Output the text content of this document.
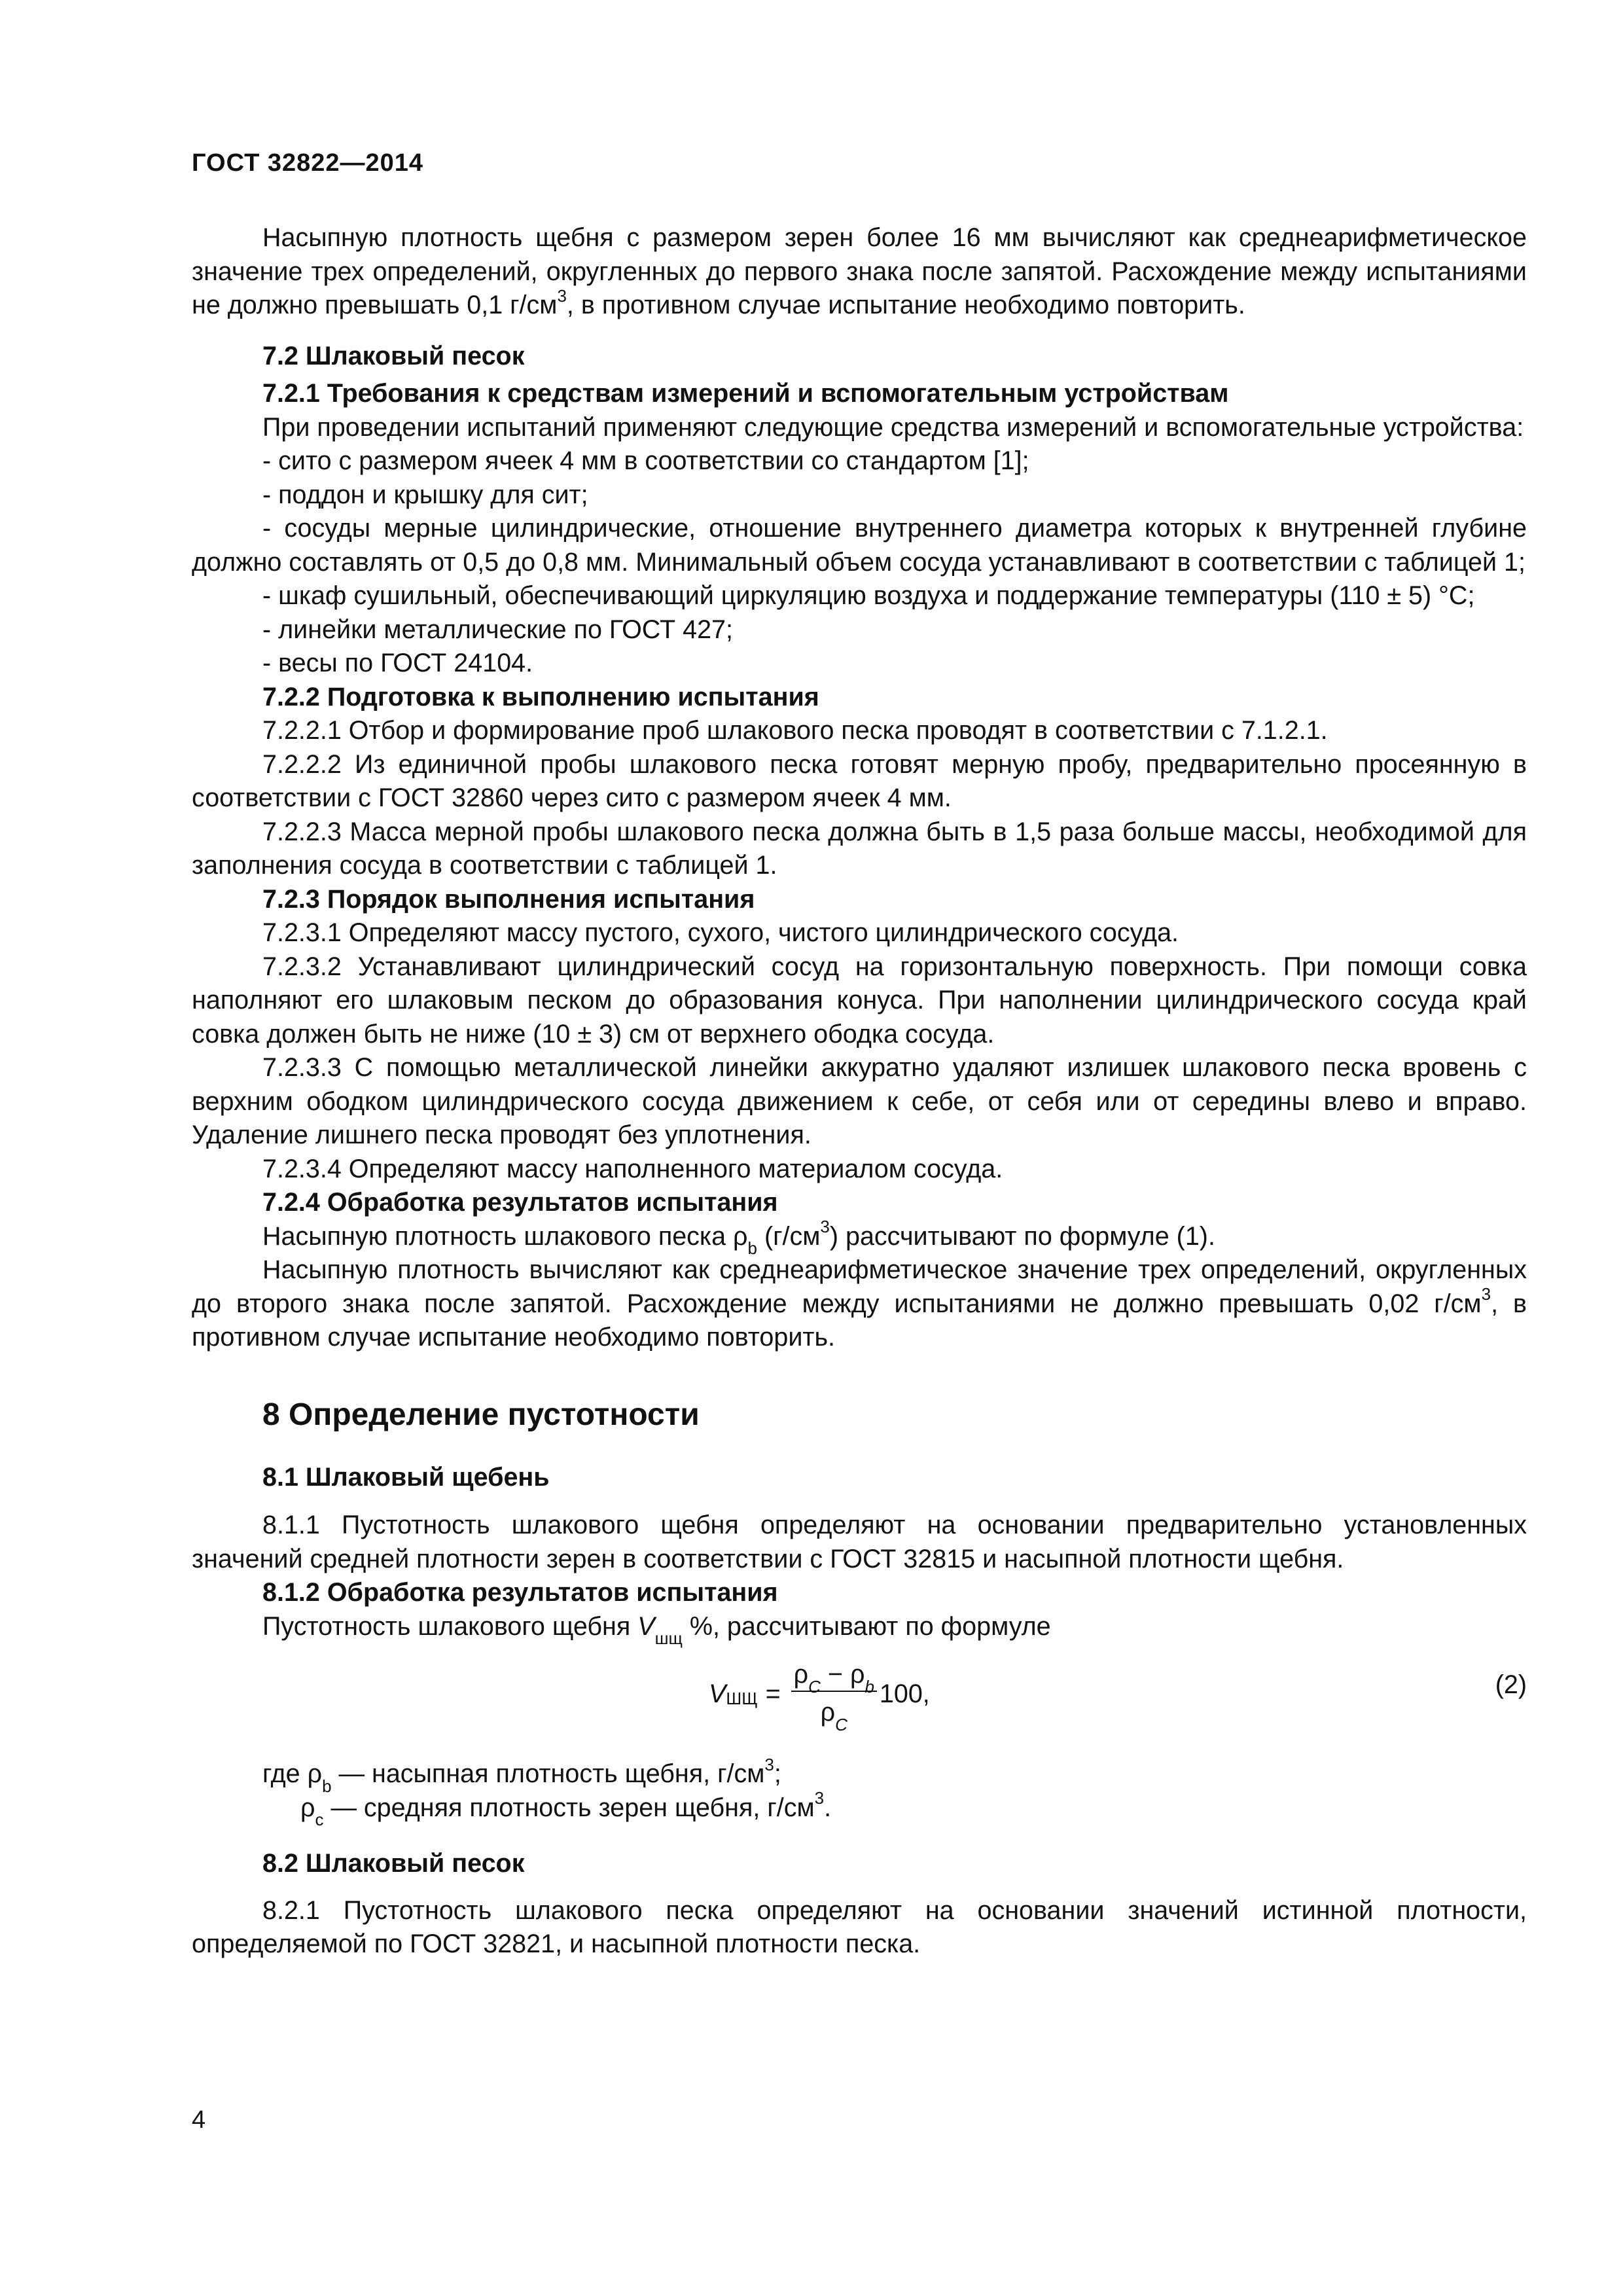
ГОСТ 32822—2014

Насыпную плотность щебня с размером зерен более 16 мм вычисляют как среднеарифметическое значение трех определений, округленных до первого знака после запятой. Расхождение между испытаниями не должно превышать 0,1 $г/см^3$, в противном случае испытание необходимо повторить.

7.2 Шлаковый песок
7.2.1 Требования к средствам измерений и вспомогательным устройствам

При проведении испытаний применяют следующие средства измерений и вспомогательные устройства:

- сито с размером ячеек 4 мм в соответствии со стандартом [1];

- поддон и крышку для сит;

- сосуды мерные цилиндрические, отношение внутреннего диаметра которых к внутренней глубине должно составлять от 0,5 до 0,8 мм. Минимальный объем сосуда устанавливают в соответствии с таблицей 1;

- шкаф сушильный, обеспечивающий циркуляцию воздуха и поддержание температуры (110 ± 5) °С;

- линейки металлические по ГОСТ 427;

- весы по ГОСТ 24104.

7.2.2 Подготовка к выполнению испытания

7.2.2.1 Отбор и формирование проб шлакового песка проводят в соответствии с 7.1.2.1.

7.2.2.2 Из единичной пробы шлакового песка готовят мерную пробу, предварительно просеянную в соответствии с ГОСТ 32860 через сито с размером ячеек 4 мм.

7.2.2.3 Масса мерной пробы шлакового песка должна быть в 1,5 раза больше массы, необходимой для заполнения сосуда в соответствии с таблицей 1.

7.2.3 Порядок выполнения испытания

7.2.3.1 Определяют массу пустого, сухого, чистого цилиндрического сосуда.

7.2.3.2 Устанавливают цилиндрический сосуд на горизонтальную поверхность. При помощи совка наполняют его шлаковым песком до образования конуса. При наполнении цилиндрического сосуда край совка должен быть не ниже (10 ± 3) см от верхнего ободка сосуда.

7.2.3.3 С помощью металлической линейки аккуратно удаляют излишек шлакового песка вровень с верхним ободком цилиндрического сосуда движением к себе, от себя или от середины влево и вправо. Удаление лишнего песка проводят без уплотнения.

7.2.3.4 Определяют массу наполненного материалом сосуда.

7.2.4 Обработка результатов испытания

Насыпную плотность шлакового песка $\rho_b$ $(г/см^3)$ рассчитывают по формуле (1).

Насыпную плотность вычисляют как среднеарифметическое значение трех определений, округленных до второго знака после запятой. Расхождение между испытаниями не должно превышать 0,02 $г/см^3$, в противном случае испытание необходимо повторить.

8 Определение пустотности
8.1 Шлаковый щебень

8.1.1 Пустотность шлакового щебня определяют на основании предварительно установленных значений средней плотности зерен в соответствии с ГОСТ 32815 и насыпной плотности щебня.

8.1.2 Обработка результатов испытания

Пустотность шлакового щебня $V_{шщ}$ %, рассчитывают по формуле

$V_{ШЩ} = \frac{\rho_C - \rho_b}{\rho_C} 100$,	(2)

где $\rho_b$ — насыпная плотность щебня, $г/см^3$;

$\rho_с$ — средняя плотность зерен щебня, $г/см^3$.

8.2 Шлаковый песок

8.2.1 Пустотность шлакового песка определяют на основании значений истинной плотности, определяемой по ГОСТ 32821, и насыпной плотности песка.

4
